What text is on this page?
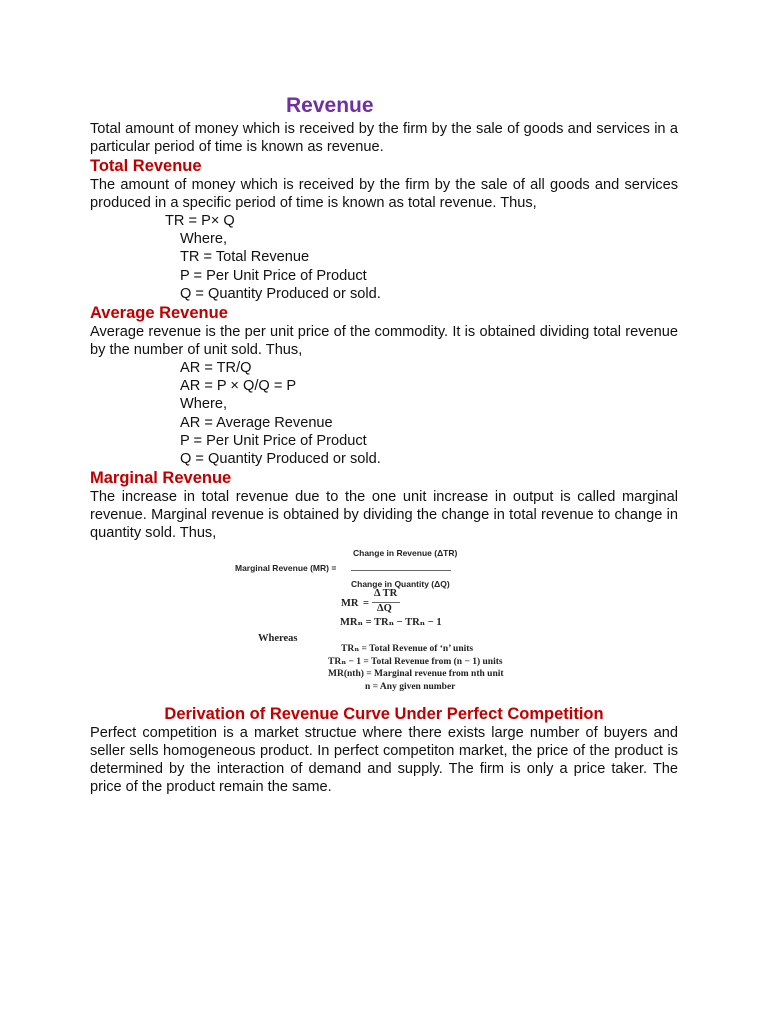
Revenue

Total amount of money which is received by the firm by the sale of goods and services in a particular period of time is known as revenue.

Total Revenue

The amount of money which is received by the firm by the sale of all goods and services produced in a specific period of time is known as total revenue. Thus,

TR = P× Q
Where,
TR = Total Revenue
P = Per Unit Price of Product
Q = Quantity Produced or sold.
Average Revenue

Average revenue is the per unit price of the commodity. It is obtained dividing total revenue by the number of unit sold. Thus,

AR = TR/Q
AR = P × Q/Q = P
Where,
AR = Average Revenue
P = Per Unit Price of Product
Q = Quantity Produced or sold.
Marginal Revenue

The increase in total revenue due to the one unit increase in output is called marginal revenue. Marginal revenue is obtained by dividing the change in total revenue to change in quantity sold. Thus,

Marginal Revenue (MR) =
Change in Revenue (ΔTR)
Change in Quantity (ΔQ)
MR =
Δ TR
ΔQ
MRₙ = TRₙ − TRₙ − 1
Whereas
TRₙ = Total Revenue of ‘n’ units
TRₙ − 1 = Total Revenue from (n − 1) units
MR(nth) = Marginal revenue from nth unit
n = Any given number
Derivation of Revenue Curve Under Perfect Competition

Perfect competition is a market structue where there exists large number of buyers and seller sells homogeneous product. In perfect competiton market, the price of the product is determined by the interaction of demand and supply. The firm is only a price taker. The price of the product remain the same.
